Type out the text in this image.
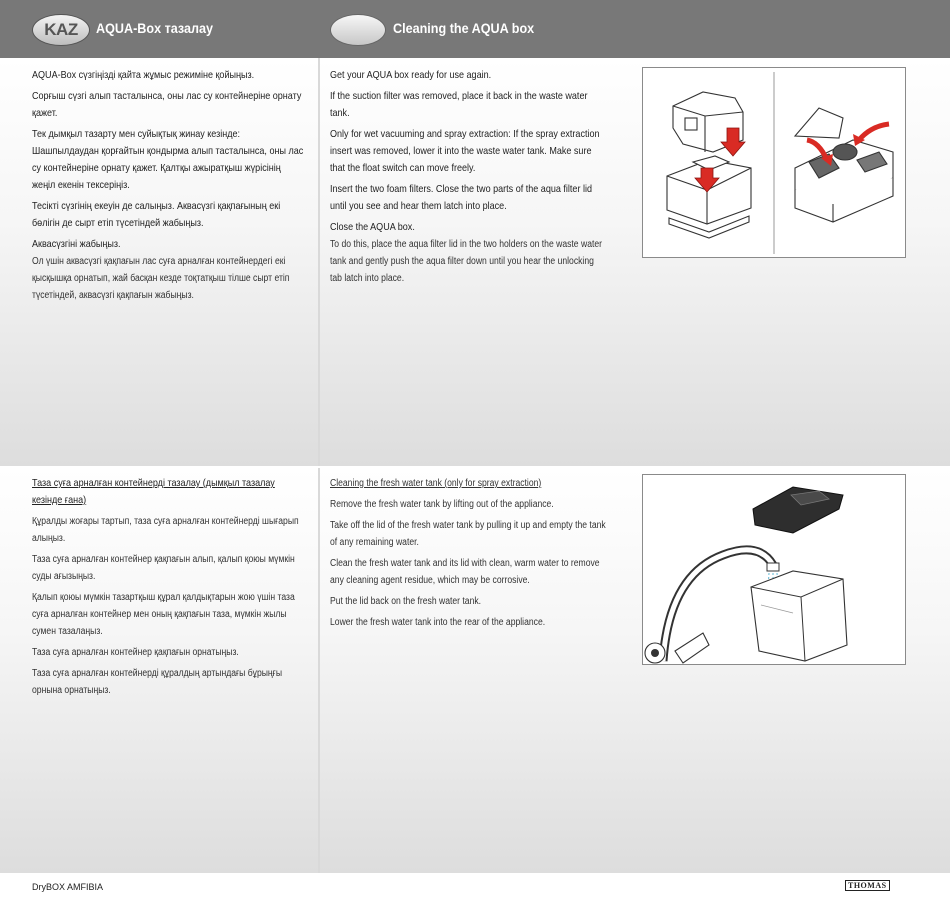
KAZ AQUA-Box тазалау	Cleaning the AQUA box

AQUA-Box сүзгіңізді қайта жұмыс режиміне қойыңыз.

Сорғыш сүзгі алып тасталынса, оны лас су контейнеріне орнату қажет.

Тек дымқыл тазарту мен суйықтық жинау кезінде: Шашпылдаудан қорғайтын қондырма алып тасталынса, оны лас су контейнеріне орнату қажет. Қалтқы ажыратқыш жүрісінің жеңіл екенін тексеріңіз.

Тесікті сүзгінің екеуін де салыңыз. Аквасүзгі қақпағының екі бөлігін де сырт етіп түсетіндей жабыңыз.

Аквасүзгіні жабыңыз.

Ол үшін аквасүзгі қақпағын лас суға арналған контейнердегі екі қысқышқа орнатып, жай басқан кезде тоқтатқыш тілше сырт етіп түсетіндей, аквасүзгі қақпағын жабыңыз.

Get your AQUA box ready for use again.

If the suction filter was removed, place it back in the waste water tank.

Only for wet vacuuming and spray extraction: If the spray extraction insert was removed, lower it into the waste water tank. Make sure that the float switch can move freely.

Insert the two foam filters. Close the two parts of the aqua filter lid until you see and hear them latch into place.

Close the AQUA box.

To do this, place the aqua filter lid in the two holders on the waste water tank and gently push the aqua filter down until you hear the unlocking tab latch into place.

Таза суға арналған контейнерді тазалау (дымқыл тазалау кезінде ғана)

Құралды жоғары тартып, таза суға арналған контейнерді шығарып алыңыз.

Таза суға арналған контейнер қақпағын алып, қалып қоюы мүмкін суды ағызыңыз.

Қалып қоюы мүмкін тазартқыш құрал қалдықтарын жою үшін таза суға арналған контейнер мен оның қақпағын таза, мүмкін жылы сумен тазалаңыз.

Таза суға арналған контейнер қақпағын орнатыңыз.

Таза суға арналған контейнерді құралдың артындағы бұрыңғы орнына орнатыңыз.

Cleaning the fresh water tank (only for spray extraction)

Remove the fresh water tank by lifting out of the appliance.

Take off the lid of the fresh water tank by pulling it up and empty the tank of any remaining water.

Clean the fresh water tank and its lid with clean, warm water to remove any cleaning agent residue, which may be corrosive.

Put the lid back on the fresh water tank.

Lower the fresh water tank into the rear of the appliance.

DryBOX AMFIBIA	THOMAS
